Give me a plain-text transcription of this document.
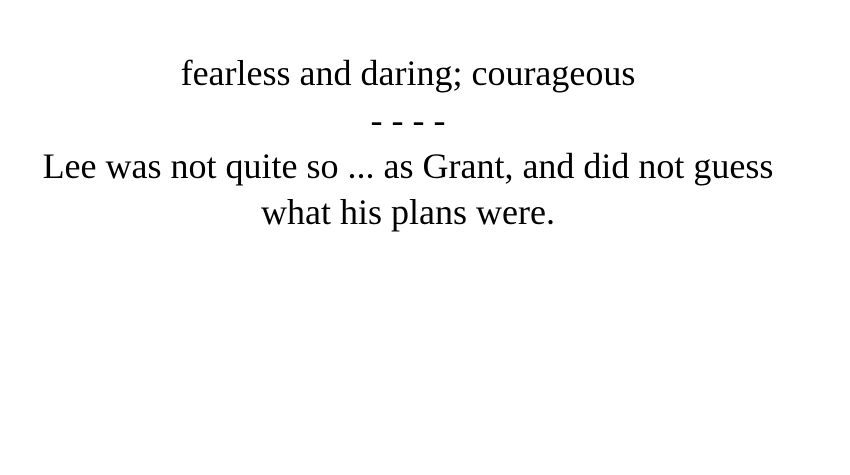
fearless and daring; courageous
- - - -
Lee was not quite so ... as Grant, and did not guess what his plans were.
